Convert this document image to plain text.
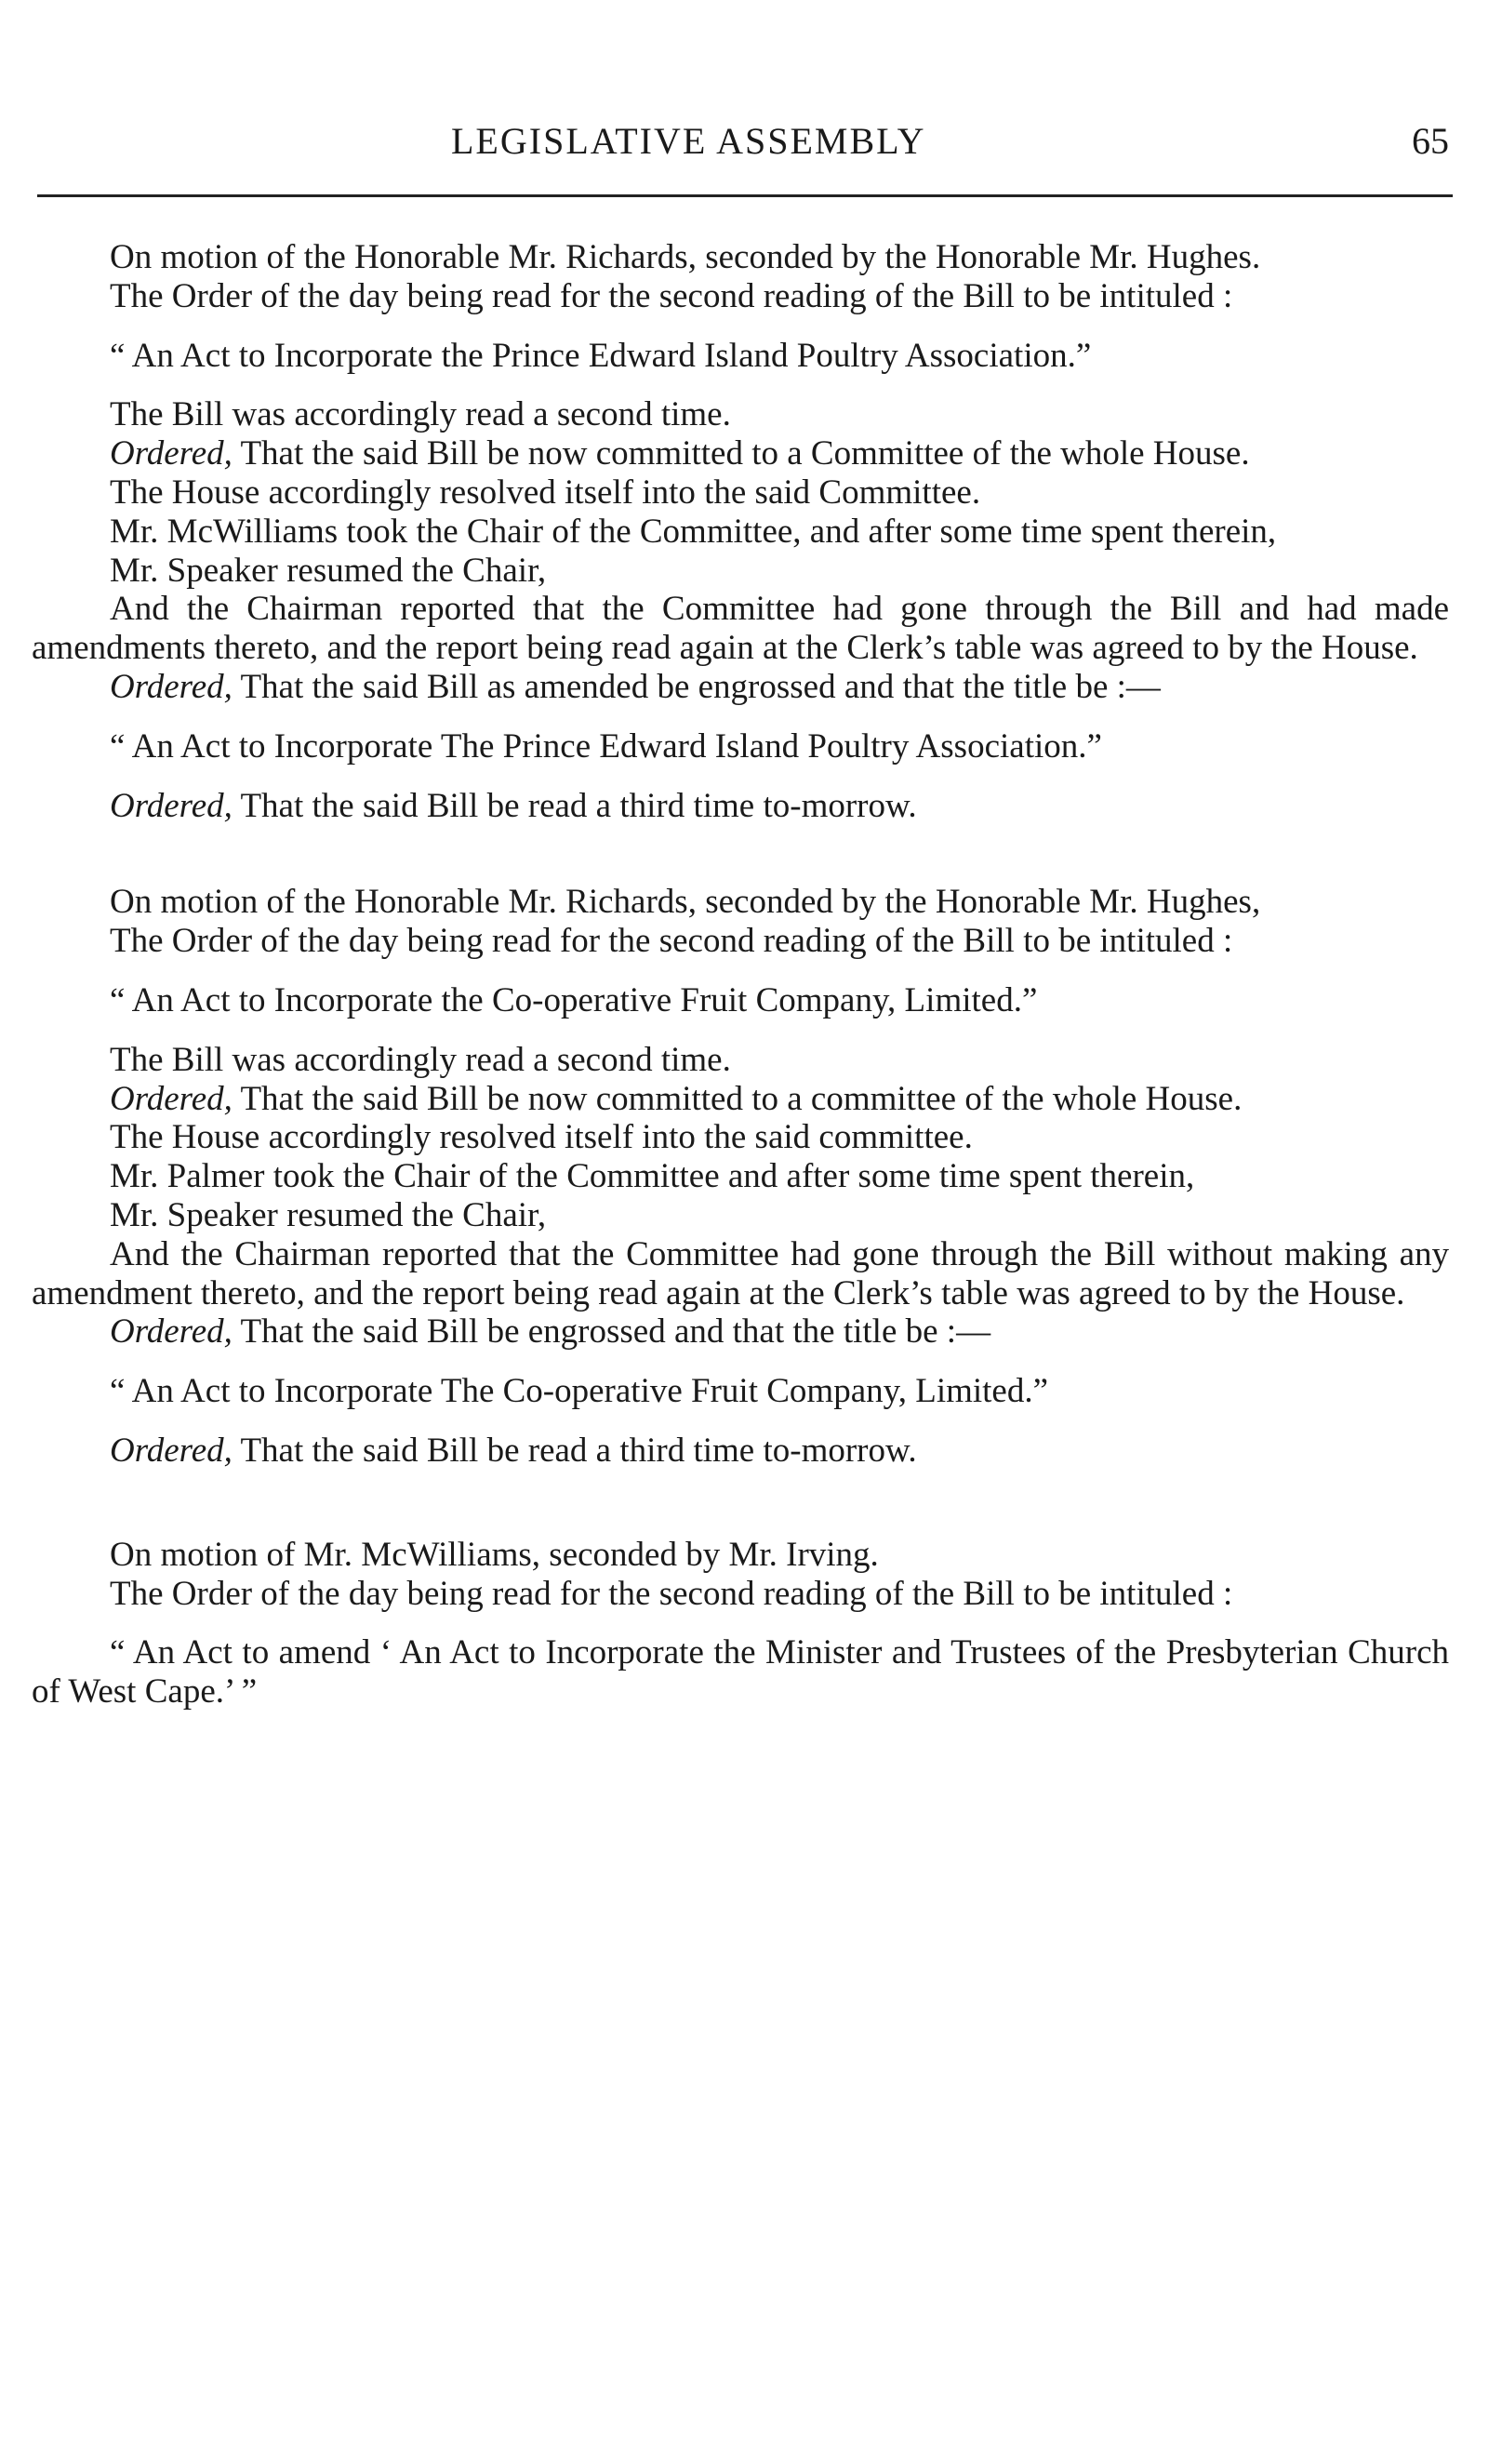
LEGISLATIVE ASSEMBLY	65

On motion of the Honorable Mr. Richards, seconded by the Honorable Mr. Hughes.

The Order of the day being read for the second reading of the Bill to be intituled :

“ An Act to Incorporate the Prince Edward Island Poultry Association.”

The Bill was accordingly read a second time.

Ordered, That the said Bill be now committed to a Committee of the whole House.

The House accordingly resolved itself into the said Committee.

Mr. McWilliams took the Chair of the Committee, and after some time spent therein,

Mr. Speaker resumed the Chair,

And the Chairman reported that the Committee had gone through the Bill and had made amendments thereto, and the report being read again at the Clerk’s table was agreed to by the House.

Ordered, That the said Bill as amended be engrossed and that the title be :—

“ An Act to Incorporate The Prince Edward Island Poultry Association.”

Ordered, That the said Bill be read a third time to-morrow.

On motion of the Honorable Mr. Richards, seconded by the Honorable Mr. Hughes,

The Order of the day being read for the second reading of the Bill to be intituled :

“ An Act to Incorporate the Co-operative Fruit Company, Limited.”

The Bill was accordingly read a second time.

Ordered, That the said Bill be now committed to a committee of the whole House.

The House accordingly resolved itself into the said committee.

Mr. Palmer took the Chair of the Committee and after some time spent therein,

Mr. Speaker resumed the Chair,

And the Chairman reported that the Committee had gone through the Bill without making any amendment thereto, and the report being read again at the Clerk’s table was agreed to by the House.

Ordered, That the said Bill be engrossed and that the title be :—

“ An Act to Incorporate The Co-operative Fruit Company, Limited.”

Ordered, That the said Bill be read a third time to-morrow.

On motion of Mr. McWilliams, seconded by Mr. Irving.

The Order of the day being read for the second reading of the Bill to be intituled :

“ An Act to amend ‘ An Act to Incorporate the Minister and Trustees of the Presbyterian Church of West Cape.’ ”
